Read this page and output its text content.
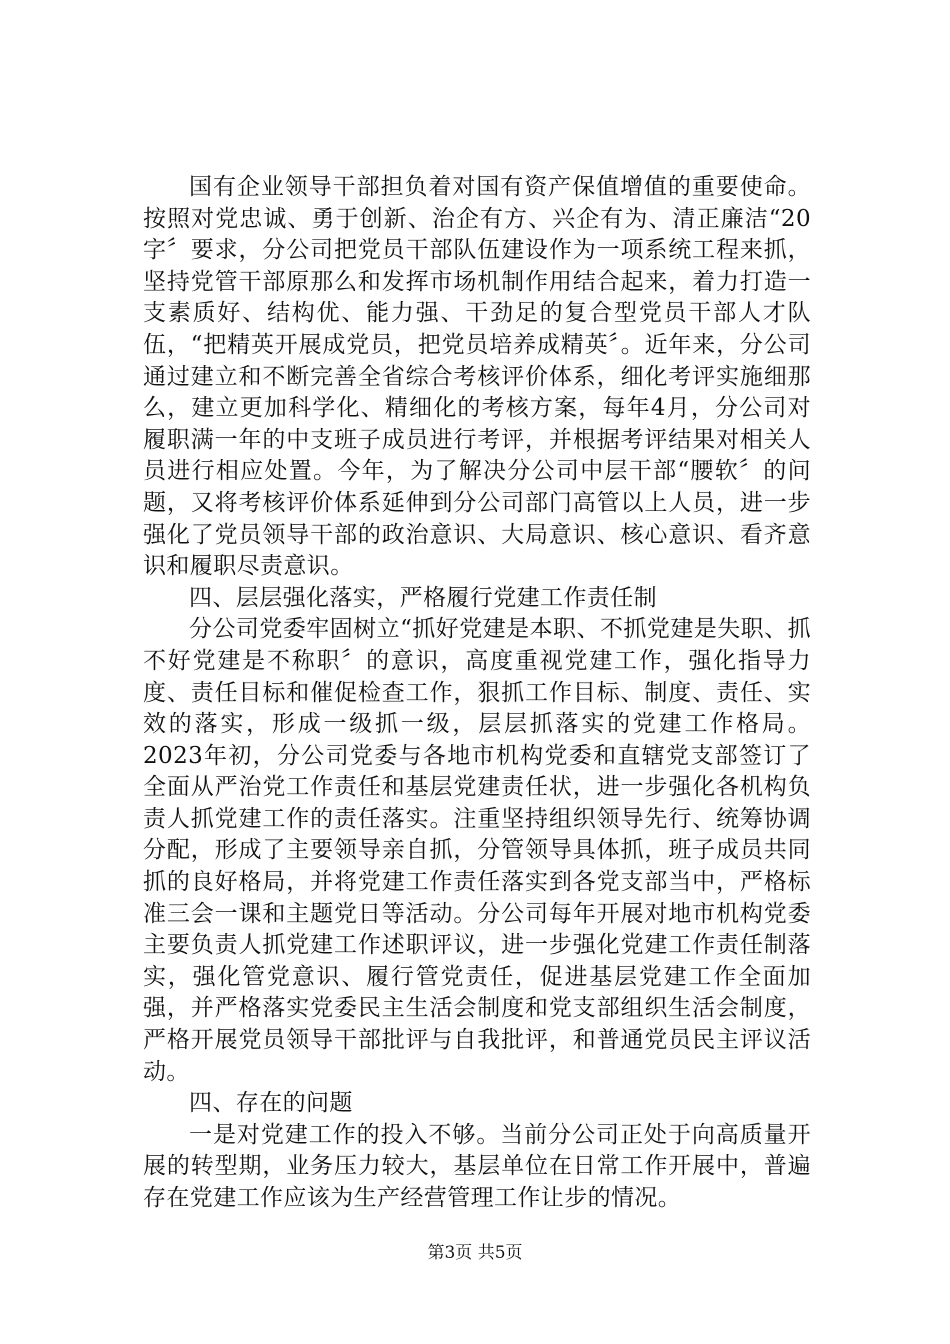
国有企业领导干部担负着对国有资产保值增值的重要使命。按照对党忠诚、勇于创新、治企有方、兴企有为、清正廉洁“20字〞要求，分公司把党员干部队伍建设作为一项系统工程来抓，坚持党管干部原那么和发挥市场机制作用结合起来，着力打造一支素质好、结构优、能力强、干劲足的复合型党员干部人才队伍，“把精英开展成党员，把党员培养成精英〞。近年来，分公司通过建立和不断完善全省综合考核评价体系，细化考评实施细那么，建立更加科学化、精细化的考核方案，每年4月，分公司对履职满一年的中支班子成员进行考评，并根据考评结果对相关人员进行相应处置。今年，为了解决分公司中层干部“腰软〞的问题，又将考核评价体系延伸到分公司部门高管以上人员，进一步强化了党员领导干部的政治意识、大局意识、核心意识、看齐意识和履职尽责意识。

四、层层强化落实，严格履行党建工作责任制

分公司党委牢固树立“抓好党建是本职、不抓党建是失职、抓不好党建是不称职〞的意识，高度重视党建工作，强化指导力度、责任目标和催促检查工作，狠抓工作目标、制度、责任、实效的落实，形成一级抓一级，层层抓落实的党建工作格局。2023年初，分公司党委与各地市机构党委和直辖党支部签订了全面从严治党工作责任和基层党建责任状，进一步强化各机构负责人抓党建工作的责任落实。注重坚持组织领导先行、统筹协调分配，形成了主要领导亲自抓，分管领导具体抓，班子成员共同抓的良好格局，并将党建工作责任落实到各党支部当中，严格标准三会一课和主题党日等活动。分公司每年开展对地市机构党委主要负责人抓党建工作述职评议，进一步强化党建工作责任制落实，强化管党意识、履行管党责任，促进基层党建工作全面加强，并严格落实党委民主生活会制度和党支部组织生活会制度，严格开展党员领导干部批评与自我批评，和普通党员民主评议活动。

四、存在的问题

一是对党建工作的投入不够。当前分公司正处于向高质量开展的转型期，业务压力较大，基层单位在日常工作开展中，普遍存在党建工作应该为生产经营管理工作让步的情况。

第3页 共5页
